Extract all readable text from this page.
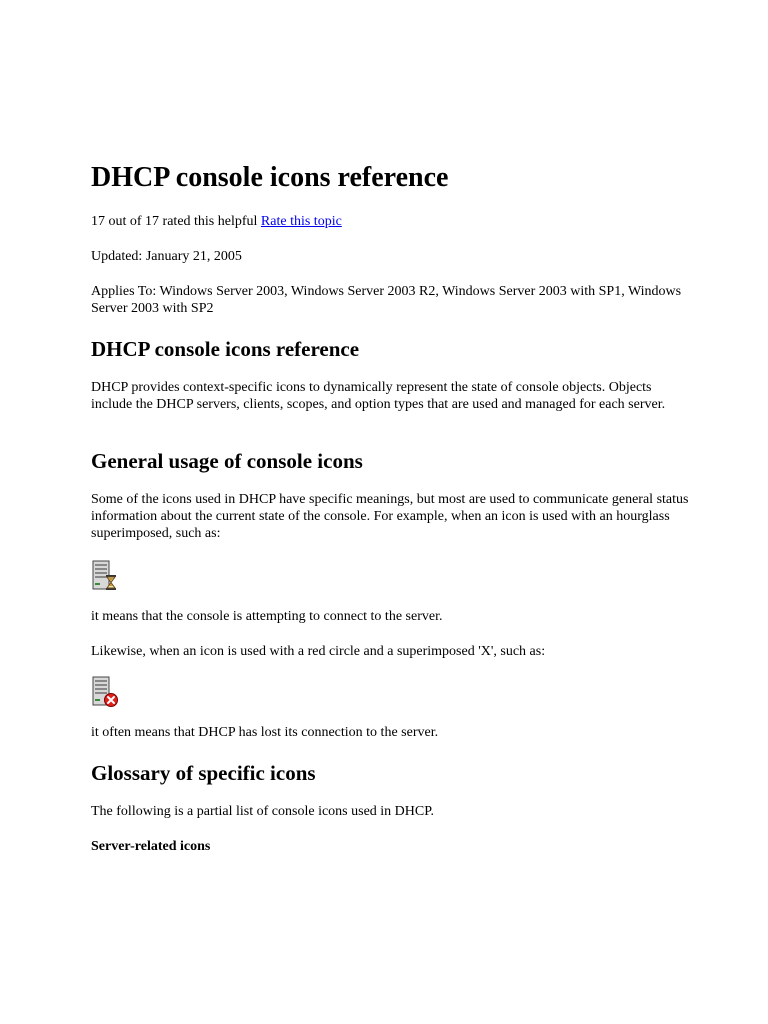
DHCP console icons reference

17 out of 17 rated this helpful Rate this topic

Updated: January 21, 2005

Applies To: Windows Server 2003, Windows Server 2003 R2, Windows Server 2003 with SP1, Windows Server 2003 with SP2

DHCP console icons reference

DHCP provides context-specific icons to dynamically represent the state of console objects. Objects include the DHCP servers, clients, scopes, and option types that are used and managed for each server.

General usage of console icons

Some of the icons used in DHCP have specific meanings, but most are used to communicate general status information about the current state of the console. For example, when an icon is used with an hourglass superimposed, such as:

it means that the console is attempting to connect to the server.

Likewise, when an icon is used with a red circle and a superimposed 'X', such as:

it often means that DHCP has lost its connection to the server.

Glossary of specific icons

The following is a partial list of console icons used in DHCP.

Server-related icons
